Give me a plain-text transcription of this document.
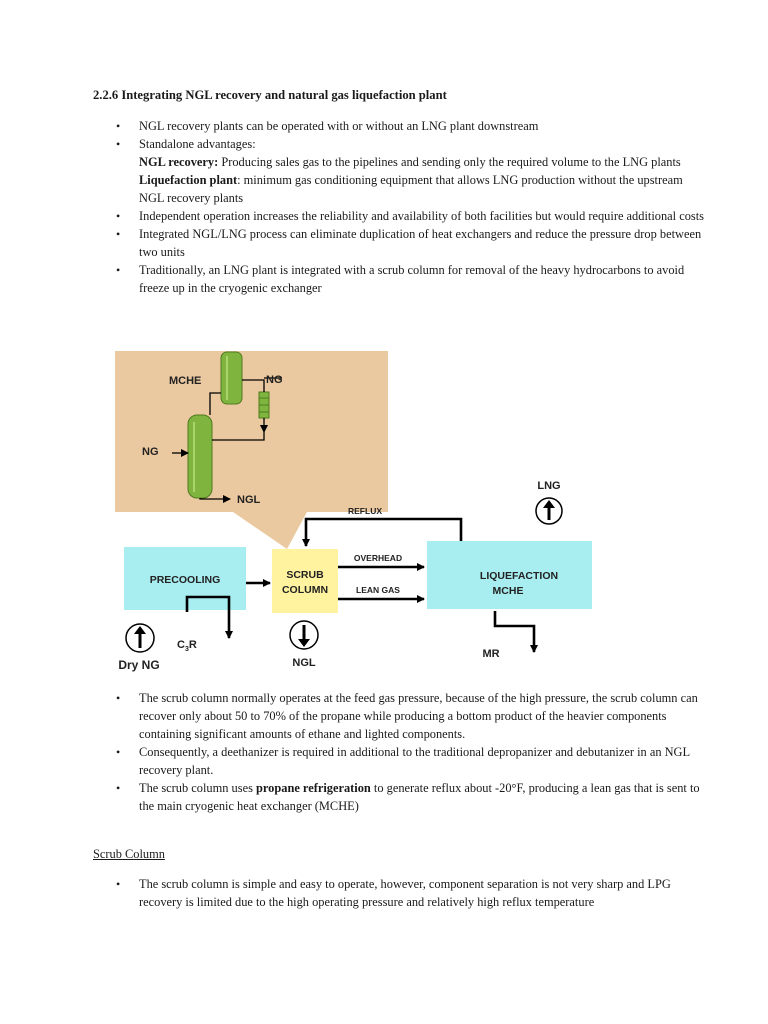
2.2.6 Integrating NGL recovery and natural gas liquefaction plant
• NGL recovery plants can be operated with or without an LNG plant downstream
• Standalone advantages:
NGL recovery: Producing sales gas to the pipelines and sending only the required volume to the LNG plants
Liquefaction plant: minimum gas conditioning equipment that allows LNG production without the upstream NGL recovery plants
• Independent operation increases the reliability and availability of both facilities but would require additional costs
• Integrated NGL/LNG process can eliminate duplication of heat exchangers and reduce the pressure drop between two units
• Traditionally, an LNG plant is integrated with a scrub column for removal of the heavy hydrocarbons to avoid freeze up in the cryogenic exchanger
MCHE	NG
NG
NGL
PRECOOLING	SCRUB
COLUMN
LIQUEFACTION
MCHE
REFLUX
OVERHEAD
LEAN GAS
LNG
Dry NG	NGL
$C_3R$
MR
• The scrub column normally operates at the feed gas pressure, because of the high pressure, the scrub column can recover only about 50 to 70% of the propane while producing a bottom product of the heavier components containing significant amounts of ethane and lighted components.
• Consequently, a deethanizer is required in additional to the traditional depropanizer and debutanizer in an NGL recovery plant.
• The scrub column uses propane refrigeration to generate reflux about -20°F, producing a lean gas that is sent to the main cryogenic heat exchanger (MCHE)
Scrub Column
• The scrub column is simple and easy to operate, however, component separation is not very sharp and LPG recovery is limited due to the high operating pressure and relatively high reflux temperature
